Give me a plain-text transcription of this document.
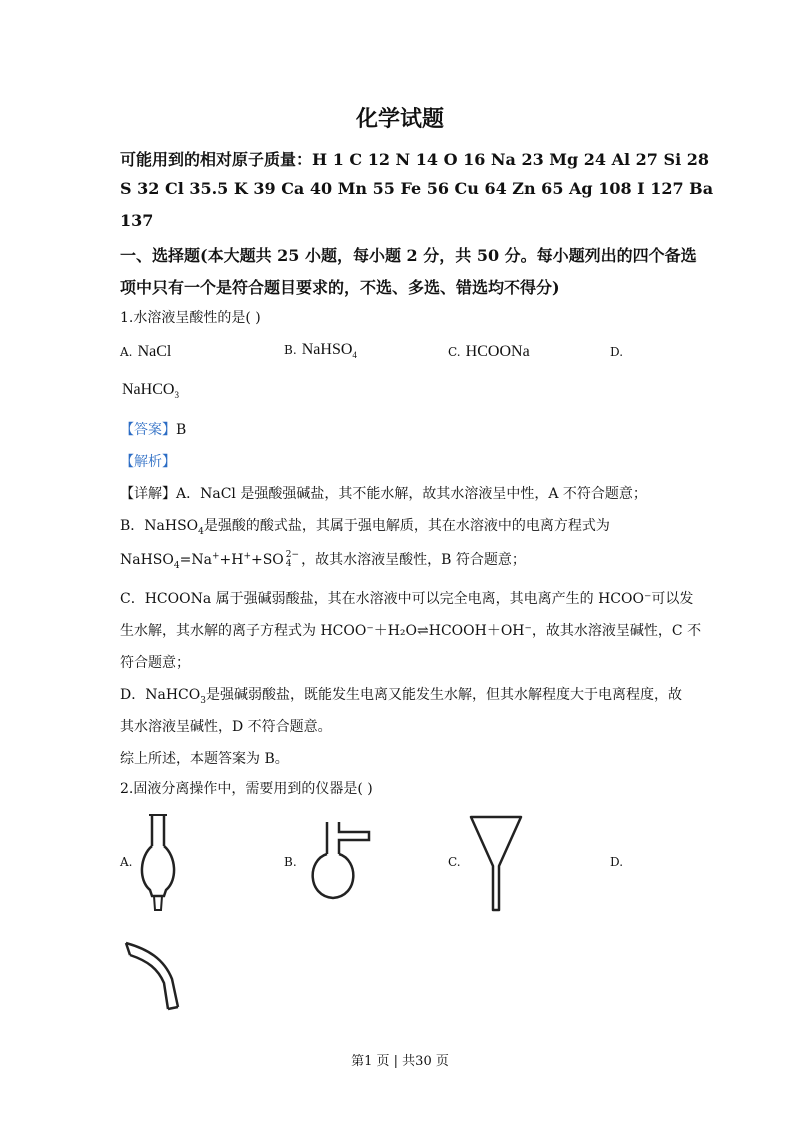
化学试题
可能用到的相对原子质量：H 1 C 12 N 14 O 16 Na 23 Mg 24 Al 27 Si 28
S 32 Cl 35.5 K 39 Ca 40 Mn 55 Fe 56 Cu 64 Zn 65 Ag 108 I 127 Ba
137
一、选择题(本大题共 25 小题，每小题 2 分，共 50 分。每小题列出的四个备选
项中只有一个是符合题目要求的，不选、多选、错选均不得分)
1.水溶液呈酸性的是( )
A. NaCl	B. NaHSO$_4$	C. HCOONa	D.
NaHCO$_3$
【答案】B
【解析】
【详解】A．NaCl 是强酸强碱盐，其不能水解，故其水溶液呈中性，A 不符合题意；
B．NaHSO$_4$是强酸的酸式盐，其属于强电解质，其在水溶液中的电离方程式为
NaHSO$_4$=Na++H++SO 2−
4 ，故其水溶液呈酸性，B 符合题意；
C．HCOONa 属于强碱弱酸盐，其在水溶液中可以完全电离，其电离产生的 HCOO⁻可以发
生水解，其水解的离子方程式为 HCOO⁻＋H₂O⇌HCOOH＋OH⁻，故其水溶液呈碱性，C 不
符合题意；
D．NaHCO$_3$是强碱弱酸盐，既能发生电离又能发生水解，但其水解程度大于电离程度，故
其水溶液呈碱性，D 不符合题意。
综上所述，本题答案为 B。
2.固液分离操作中，需要用到的仪器是( )
A.	B.	C.	D.
第1 页 | 共30 页
